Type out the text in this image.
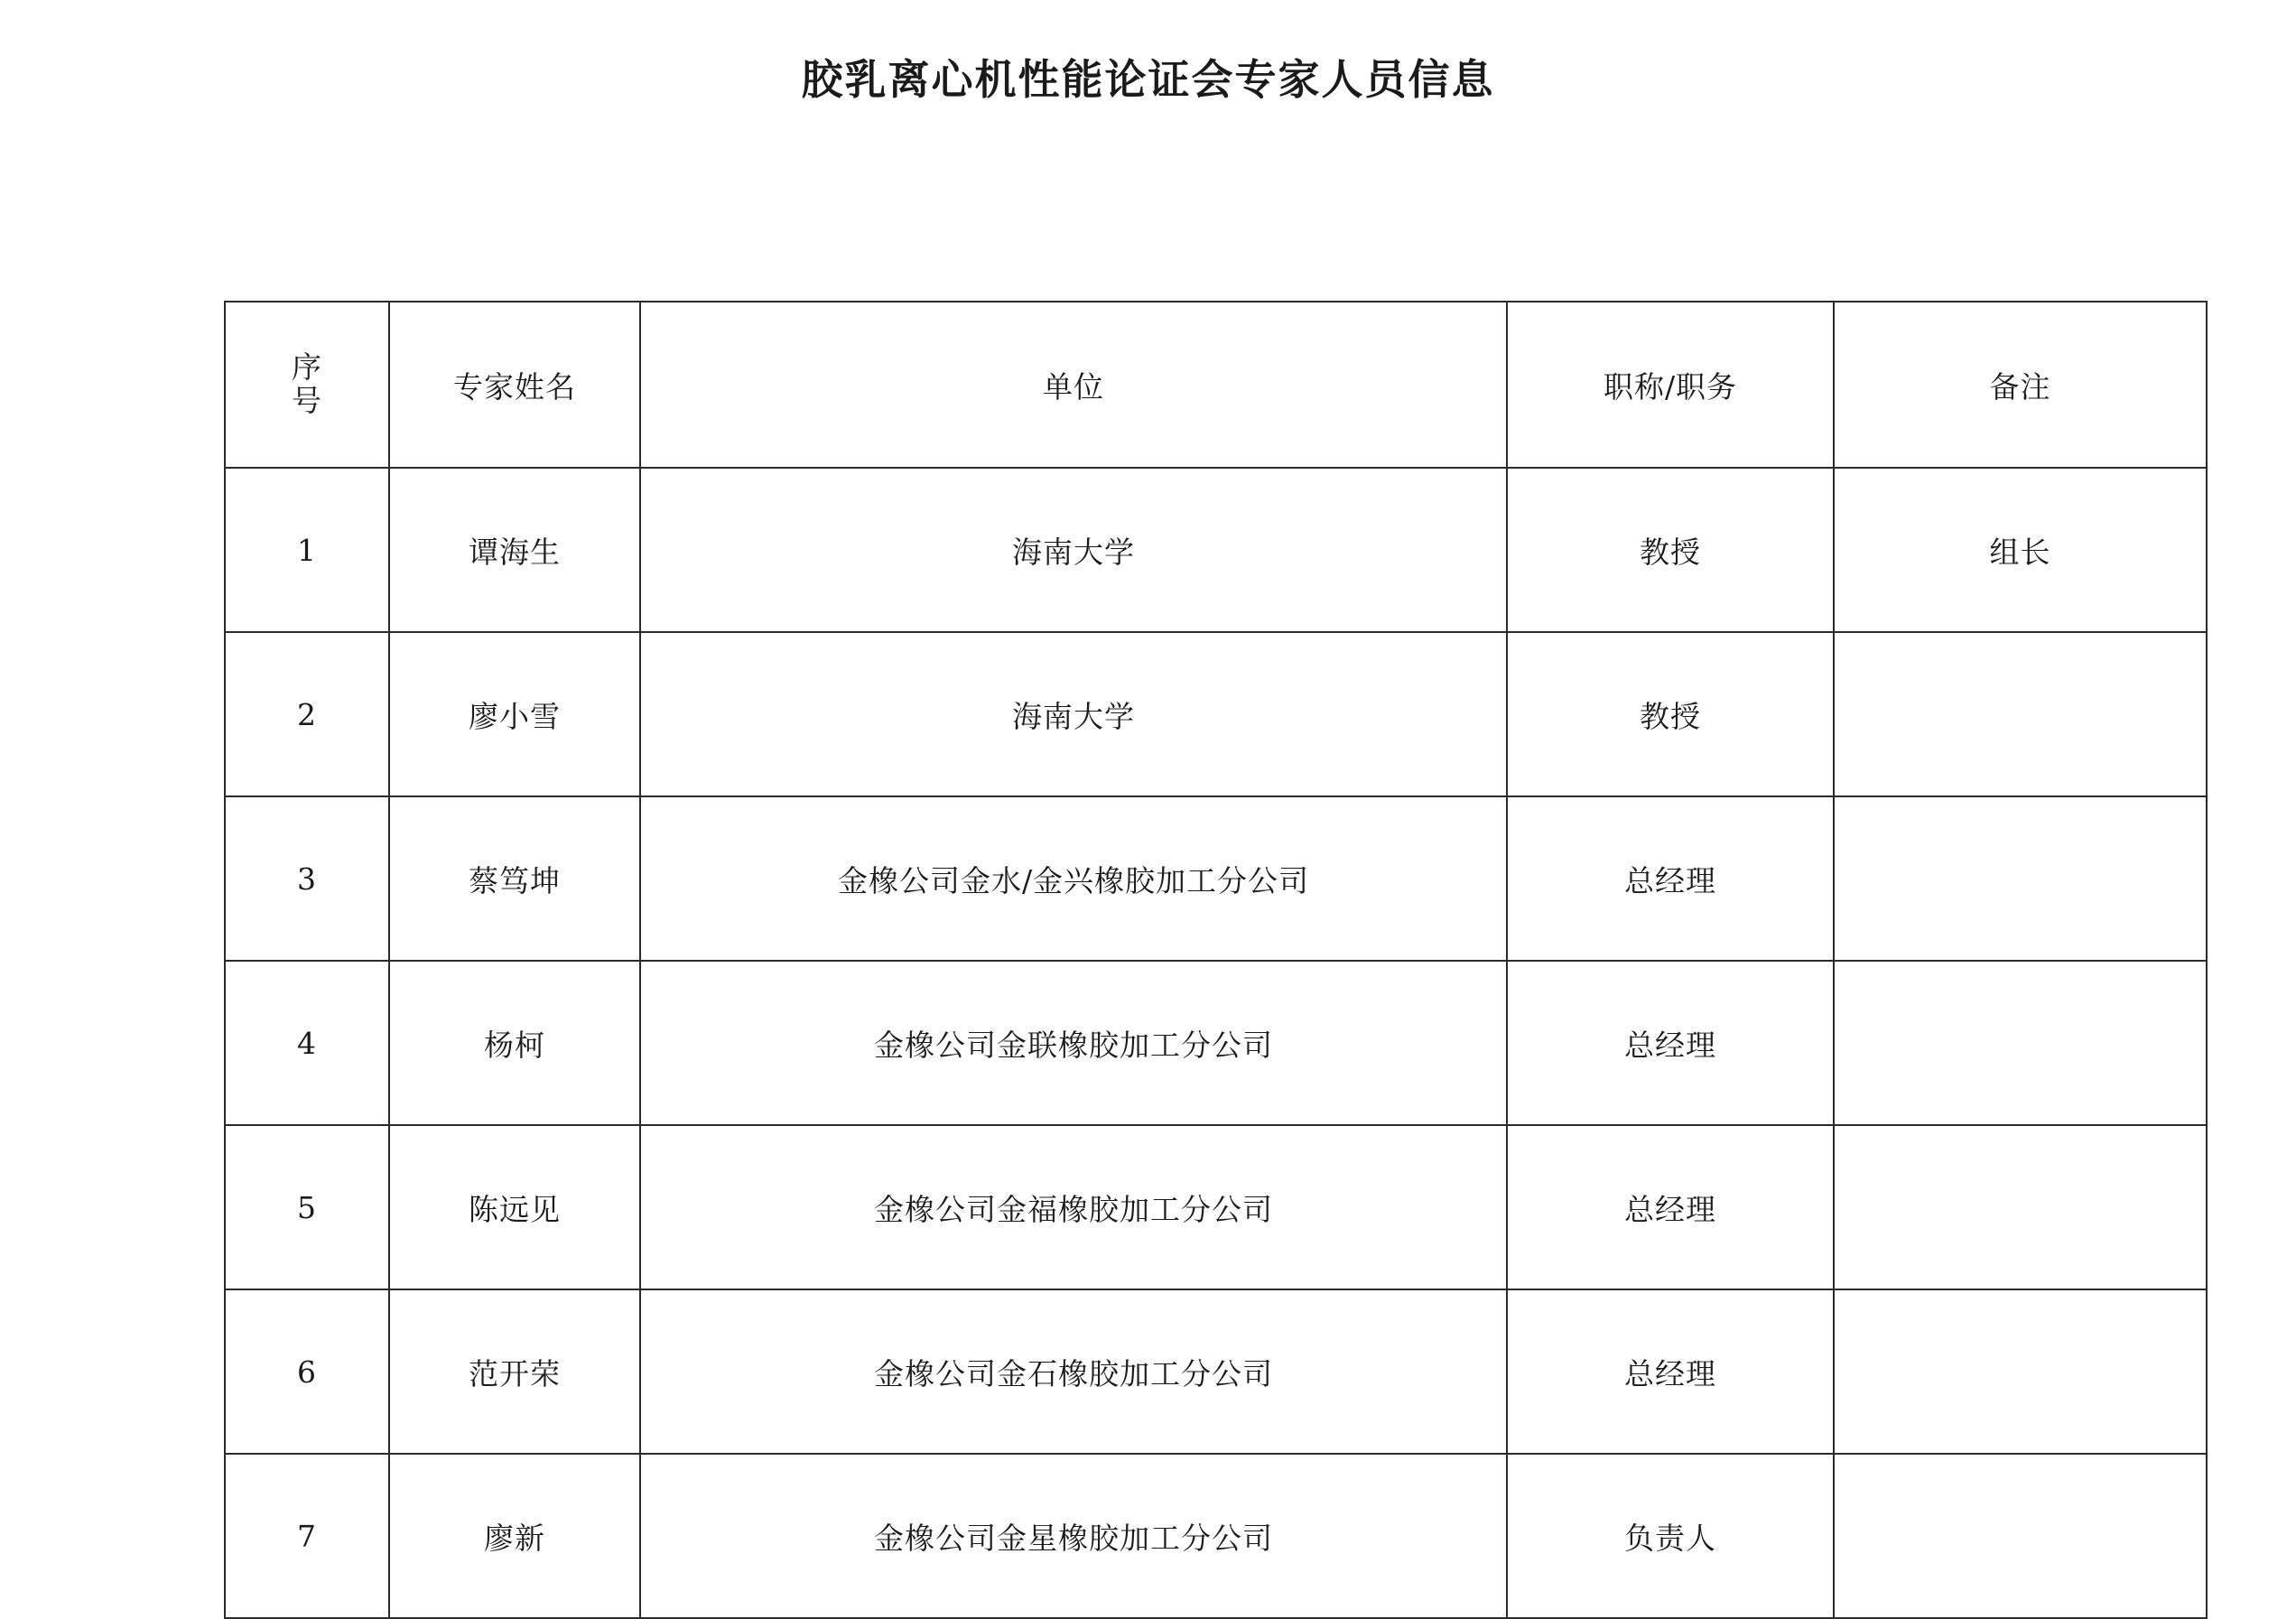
胶乳离心机性能论证会专家人员信息
序
号	专家姓名	单位	职称/职务	备注
1	谭海生	海南大学	教授	组长
2	廖小雪	海南大学	教授	
3	蔡笃坤	金橡公司金水/金兴橡胶加工分公司	总经理	
4	杨柯	金橡公司金联橡胶加工分公司	总经理	
5	陈远见	金橡公司金福橡胶加工分公司	总经理	
6	范开荣	金橡公司金石橡胶加工分公司	总经理	
7	廖新	金橡公司金星橡胶加工分公司	负责人	
